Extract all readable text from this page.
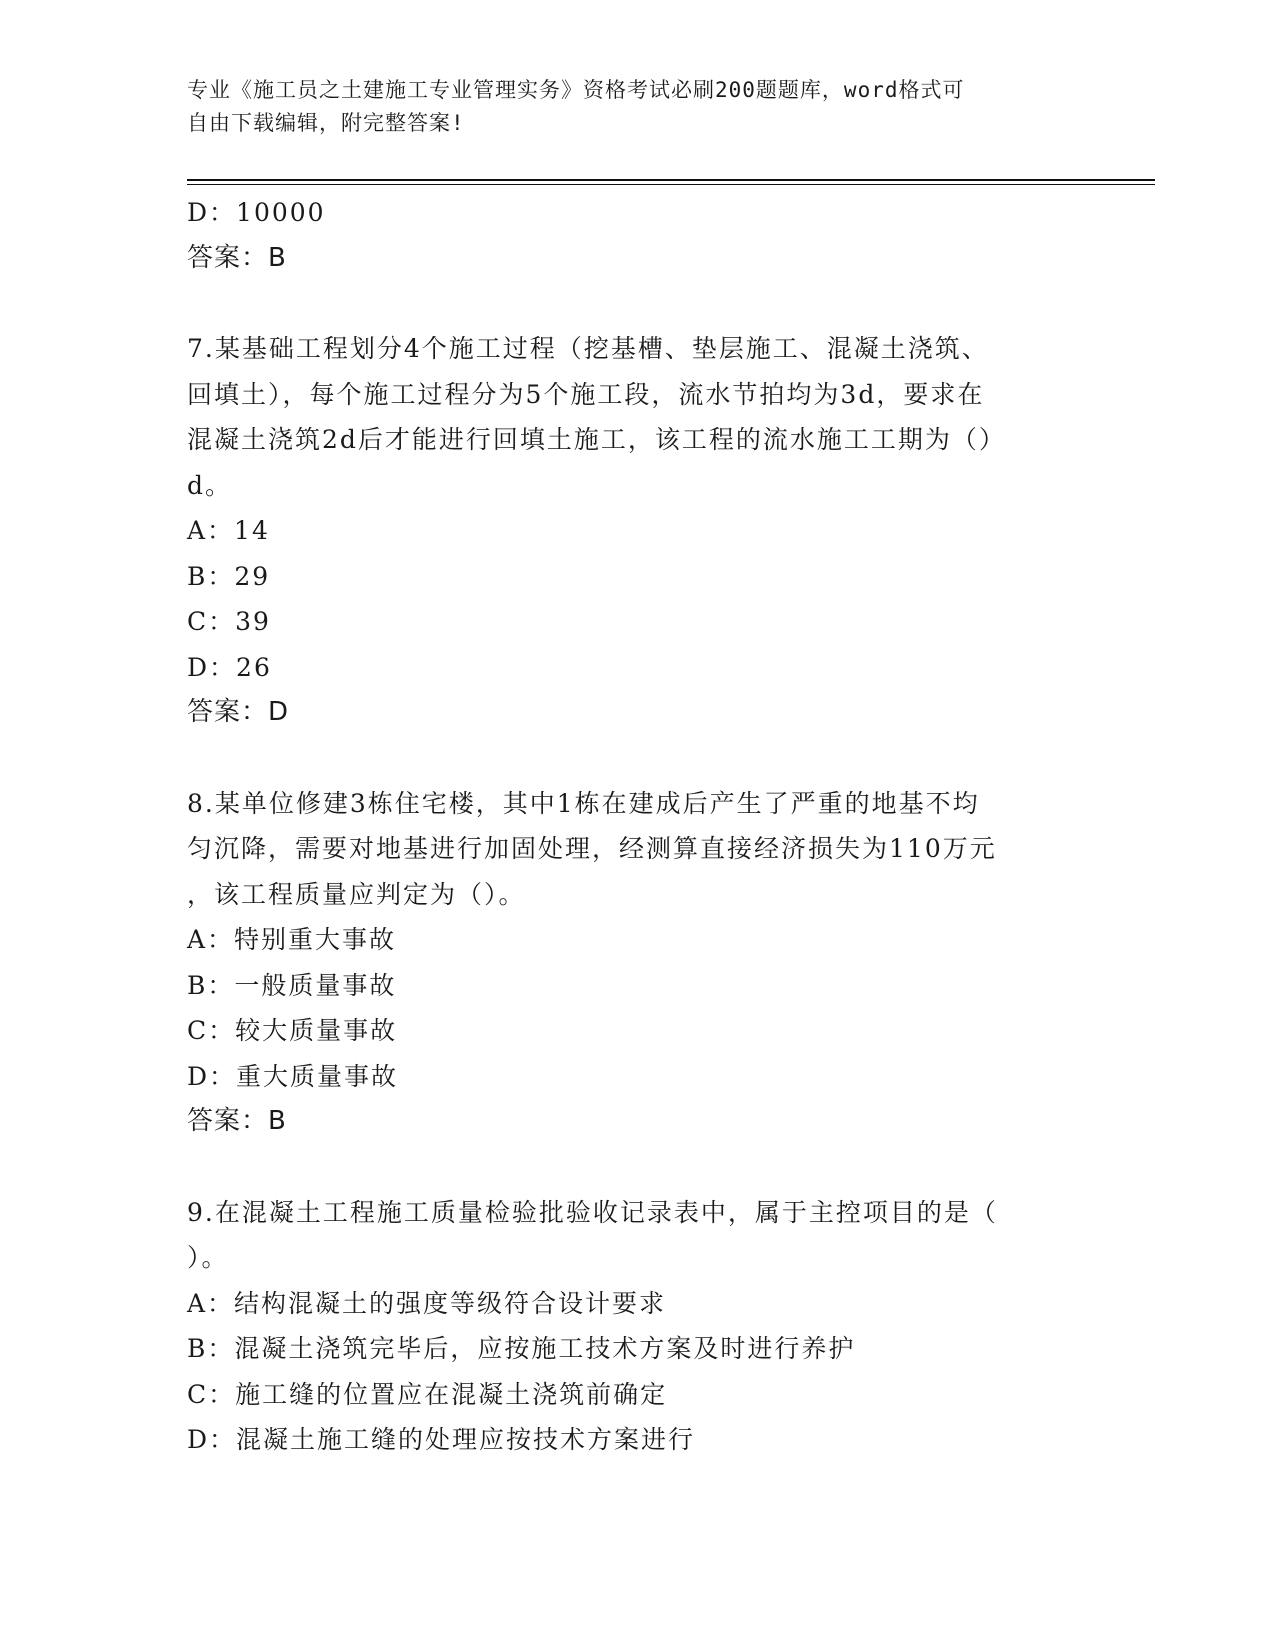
专业《施工员之土建施工专业管理实务》资格考试必刷200题题库，word格式可
自由下载编辑，附完整答案!
D：10000
答案：B
7.某基础工程划分4个施工过程（挖基槽、垫层施工、混凝土浇筑、
回填土），每个施工过程分为5个施工段，流水节拍均为3d，要求在
混凝土浇筑2d后才能进行回填土施工，该工程的流水施工工期为（）
d。
A：14
B：29
C：39
D：26
答案：D
8.某单位修建3栋住宅楼，其中1栋在建成后产生了严重的地基不均
匀沉降，需要对地基进行加固处理，经测算直接经济损失为110万元
，该工程质量应判定为（）。
A：特别重大事故
B：一般质量事故
C：较大质量事故
D：重大质量事故
答案：B
9.在混凝土工程施工质量检验批验收记录表中，属于主控项目的是（
）。
A：结构混凝土的强度等级符合设计要求
B：混凝土浇筑完毕后，应按施工技术方案及时进行养护
C：施工缝的位置应在混凝土浇筑前确定
D：混凝土施工缝的处理应按技术方案进行
